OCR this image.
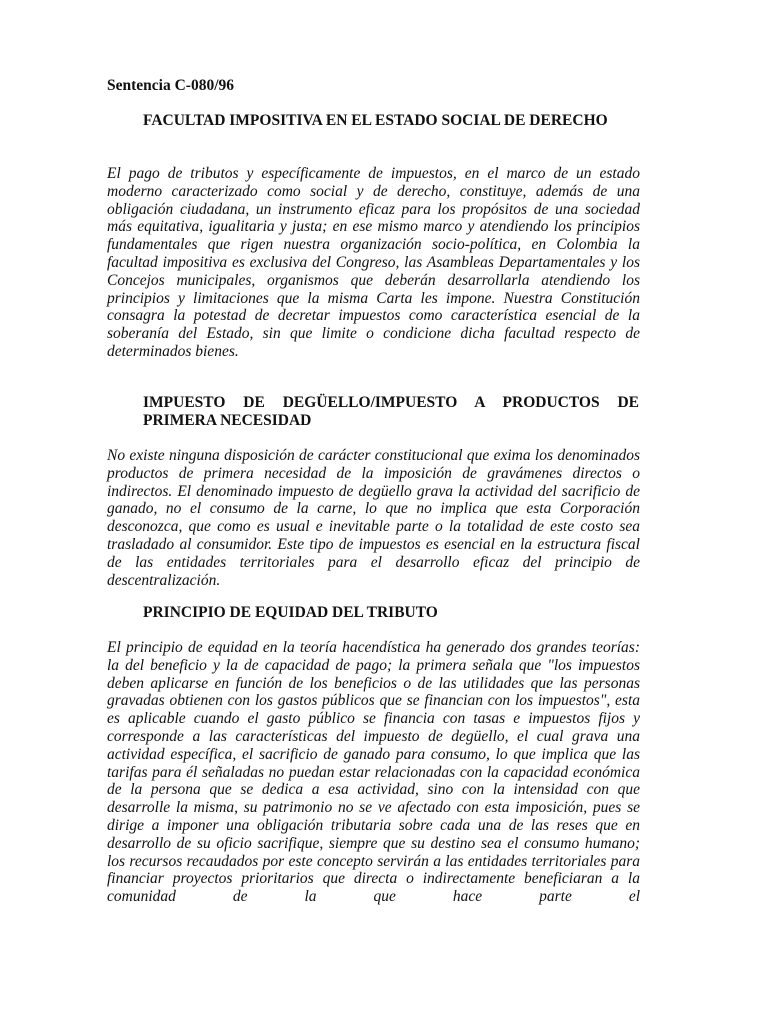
Sentencia C-080/96
FACULTAD IMPOSITIVA EN EL ESTADO SOCIAL DE DERECHO

El pago de tributos y específicamente de impuestos, en el marco de un estado moderno caracterizado como social y de derecho, constituye, además de una obligación ciudadana, un instrumento eficaz para los propósitos de una sociedad más equitativa, igualitaria y justa; en ese mismo marco y atendiendo los principios fundamentales que rigen nuestra organización socio-política, en Colombia la facultad impositiva es exclusiva del Congreso, las Asambleas Departamentales y los Concejos municipales, organismos que deberán desarrollarla atendiendo los principios y limitaciones que la misma Carta les impone. Nuestra Constitución consagra la potestad de decretar impuestos como característica esencial de la soberanía del Estado, sin que limite o condicione dicha facultad respecto de determinados bienes.

IMPUESTO DE DEGÜELLO/IMPUESTO A PRODUCTOS DE PRIMERA NECESIDAD

No existe ninguna disposición de carácter constitucional que exima los denominados productos de primera necesidad de la imposición de gravámenes directos o indirectos. El denominado impuesto de degüello grava la actividad del sacrificio de ganado, no el consumo de la carne, lo que no implica que esta Corporación desconozca, que como es usual e inevitable parte o la totalidad de este costo sea trasladado al consumidor. Este tipo de impuestos es esencial en la estructura fiscal de las entidades territoriales para el desarrollo eficaz del principio de descentralización.

PRINCIPIO DE EQUIDAD DEL TRIBUTO

El principio de equidad en la teoría hacendística ha generado dos grandes teorías: la del beneficio y la de capacidad de pago; la primera señala que "los impuestos deben aplicarse en función de los beneficios o de las utilidades que las personas gravadas obtienen con los gastos públicos que se financian con los impuestos", esta es aplicable cuando el gasto público se financia con tasas e impuestos fijos y corresponde a las características del impuesto de degüello, el cual grava una actividad específica, el sacrificio de ganado para consumo, lo que implica que las tarifas para él señaladas no puedan estar relacionadas con la capacidad económica de la persona que se dedica a esa actividad, sino con la intensidad con que desarrolle la misma, su patrimonio no se ve afectado con esta imposición, pues se dirige a imponer una obligación tributaria sobre cada una de las reses que en desarrollo de su oficio sacrifique, siempre que su destino sea el consumo humano; los recursos recaudados por este concepto servirán a las entidades territoriales para financiar proyectos prioritarios que directa o indirectamente beneficiaran a la comunidad de la que hace parte el
